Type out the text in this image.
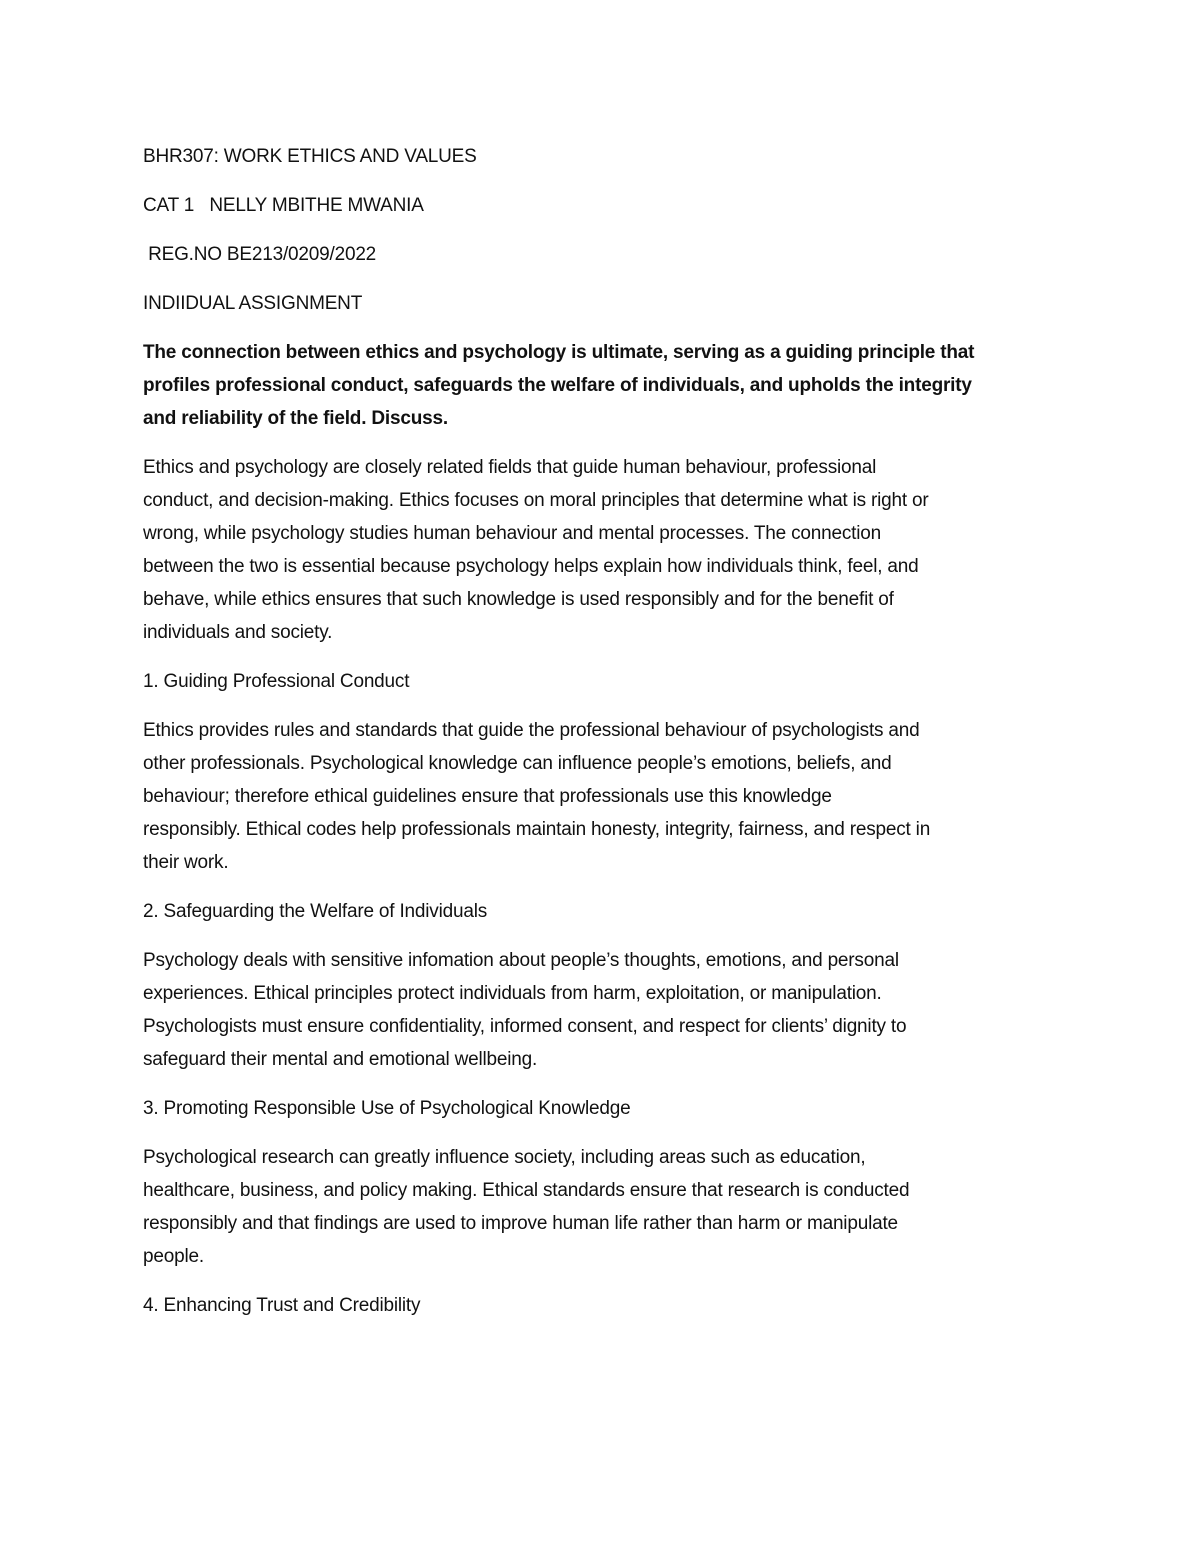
BHR307: WORK ETHICS AND VALUES

CAT 1   NELLY MBITHE MWANIA

REG.NO BE213/0209/2022

INDIIDUAL ASSIGNMENT

The connection between ethics and psychology is ultimate, serving as a guiding principle that

profiles professional conduct, safeguards the welfare of individuals, and upholds the integrity

and reliability of the field. Discuss.

Ethics and psychology are closely related fields that guide human behaviour, professional

conduct, and decision-making. Ethics focuses on moral principles that determine what is right or

wrong, while psychology studies human behaviour and mental processes. The connection

between the two is essential because psychology helps explain how individuals think, feel, and

behave, while ethics ensures that such knowledge is used responsibly and for the benefit of

individuals and society.

1. Guiding Professional Conduct

Ethics provides rules and standards that guide the professional behaviour of psychologists and

other professionals. Psychological knowledge can influence people’s emotions, beliefs, and

behaviour; therefore ethical guidelines ensure that professionals use this knowledge

responsibly. Ethical codes help professionals maintain honesty, integrity, fairness, and respect in

their work.

2. Safeguarding the Welfare of Individuals

Psychology deals with sensitive infomation about people’s thoughts, emotions, and personal

experiences. Ethical principles protect individuals from harm, exploitation, or manipulation.

Psychologists must ensure confidentiality, informed consent, and respect for clients’ dignity to

safeguard their mental and emotional wellbeing.

3. Promoting Responsible Use of Psychological Knowledge

Psychological research can greatly influence society, including areas such as education,

healthcare, business, and policy making. Ethical standards ensure that research is conducted

responsibly and that findings are used to improve human life rather than harm or manipulate

people.

4. Enhancing Trust and Credibility
